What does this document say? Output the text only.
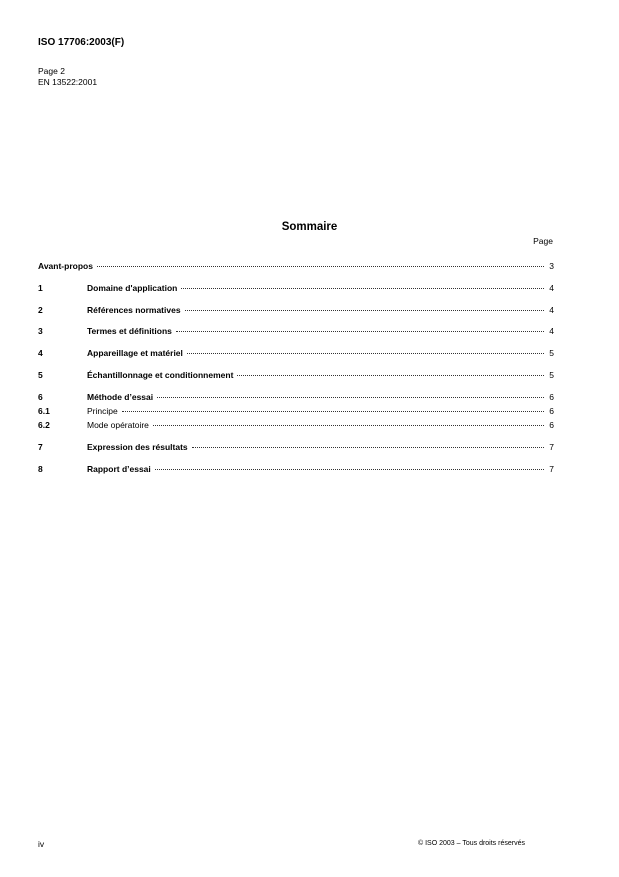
ISO 17706:2003(F)
Page 2
EN 13522:2001
Sommaire
Page
Avant-propos	3
1	Domaine d'application	4
2	Références normatives	4
3	Termes et définitions	4
4	Appareillage et matériel	5
5	Échantillonnage et conditionnement	5
6	Méthode d’essai	6
6.1	Principe	6
6.2	Mode opératoire	6
7	Expression des résultats	7
8	Rapport d’essai	7
iv	© ISO 2003 – Tous droits réservés
